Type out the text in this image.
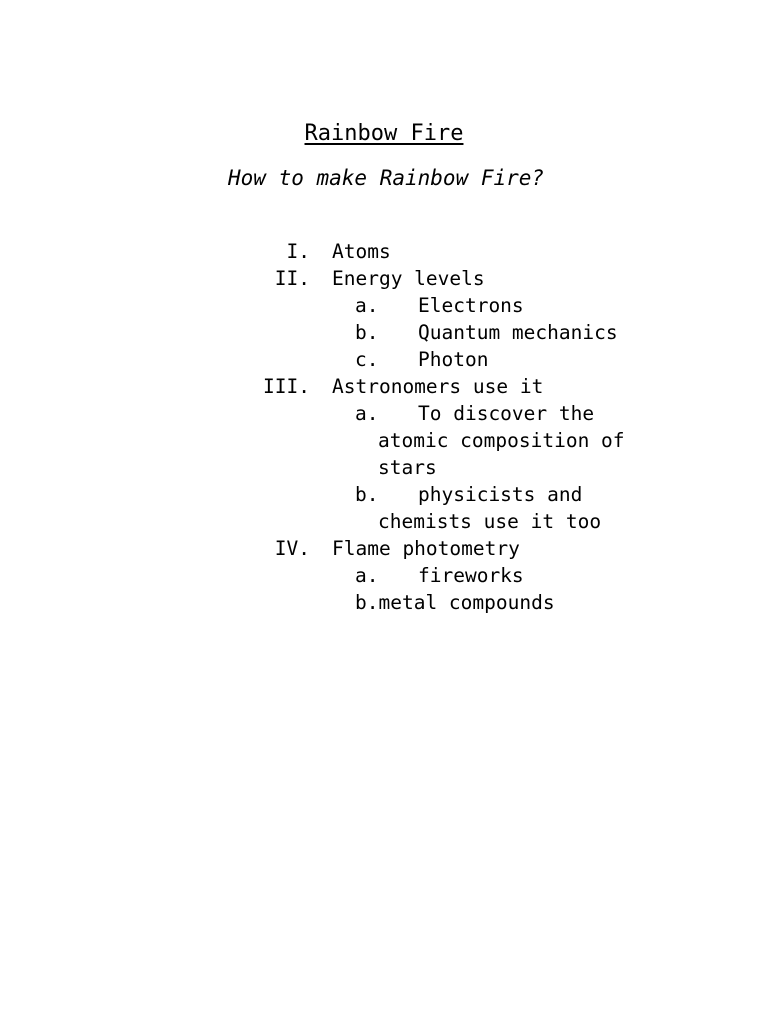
Rainbow Fire
How to make Rainbow Fire?
I. Atoms
II. Energy levels
a. Electrons
b. Quantum mechanics
c. Photon
III. Astronomers use it
a. To discover the
atomic composition of
stars
b. physicists and
chemists use it too
IV. Flame photometry
a. fireworks
b.metal compounds
